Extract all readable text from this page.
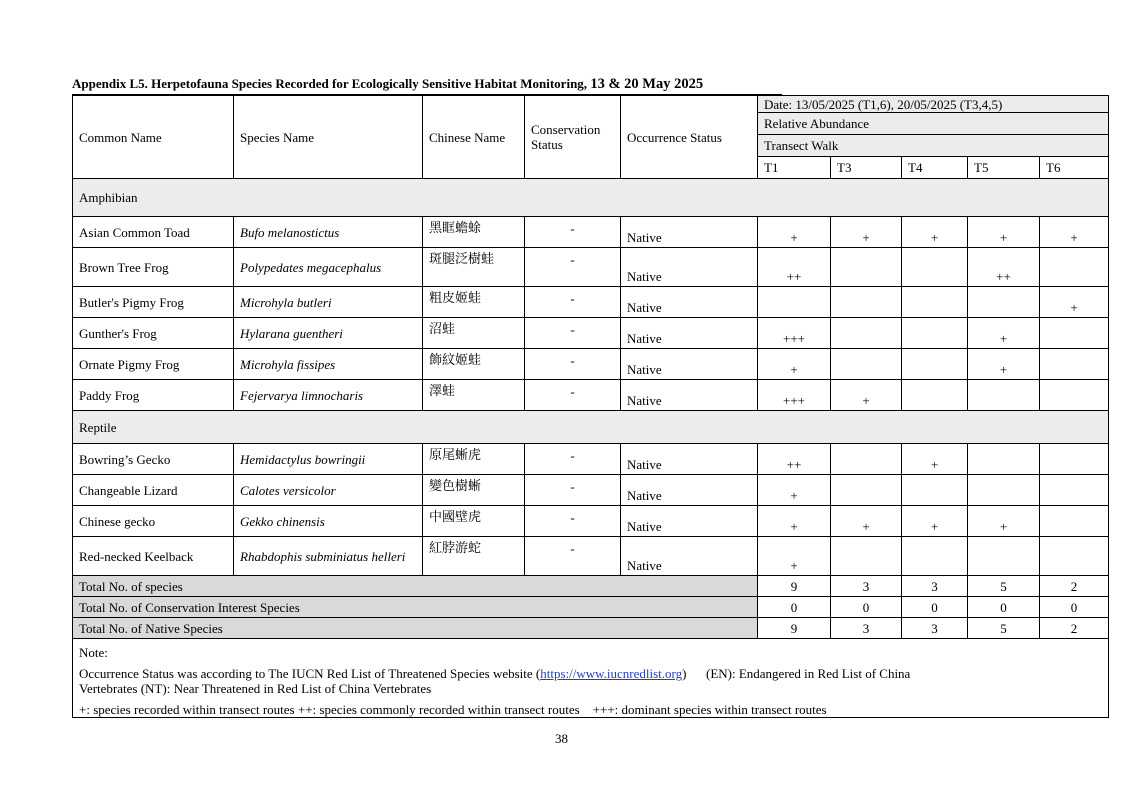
Appendix L5. Herpetofauna Species Recorded for Ecologically Sensitive Habitat Monitoring, 13 & 20 May 2025
Common Name	Species Name	Chinese Name	Conservation Status	Occurrence Status	Date: 13/05/2025 (T1,6), 20/05/2025 (T3,4,5)				
					Relative Abundance				
					Transect Walk				
					T1	T3	T4	T5	T6
Amphibian									
Asian Common Toad	Bufo melanostictus	黑眶蟾蜍	-	Native	+	+	+	+	+
Brown Tree Frog	Polypedates megacephalus	斑腿泛樹蛙	-	Native	++			++	
Butler's Pigmy Frog	Microhyla butleri	粗皮姬蛙	-	Native					+
Gunther's Frog	Hylarana guentheri	沼蛙	-	Native	+++			+	
Ornate Pigmy Frog	Microhyla fissipes	飾紋姬蛙	-	Native	+			+	
Paddy Frog	Fejervarya limnocharis	澤蛙	-	Native	+++	+			
Reptile									
Bowring’s Gecko	Hemidactylus bowringii	原尾蜥虎	-	Native	++		+		
Changeable Lizard	Calotes versicolor	變色樹蜥	-	Native	+				
Chinese gecko	Gekko chinensis	中國壁虎	-	Native	+	+	+	+	
Red-necked Keelback	Rhabdophis subminiatus helleri	紅脖游蛇	-	Native	+				
Total No. of species					9	3	3	5	2
Total No. of Conservation Interest Species					0	0	0	0	0
Total No. of Native Species					9	3	3	5	2

Note:
Occurrence Status was according to The IUCN Red List of Threatened Species website (https://www.iucnredlist.org)      (EN): Endangered in Red List of China
Vertebrates (NT): Near Threatened in Red List of China Vertebrates
+: species recorded within transect routes ++: species commonly recorded within transect routes    +++: dominant species within transect routes									
38
